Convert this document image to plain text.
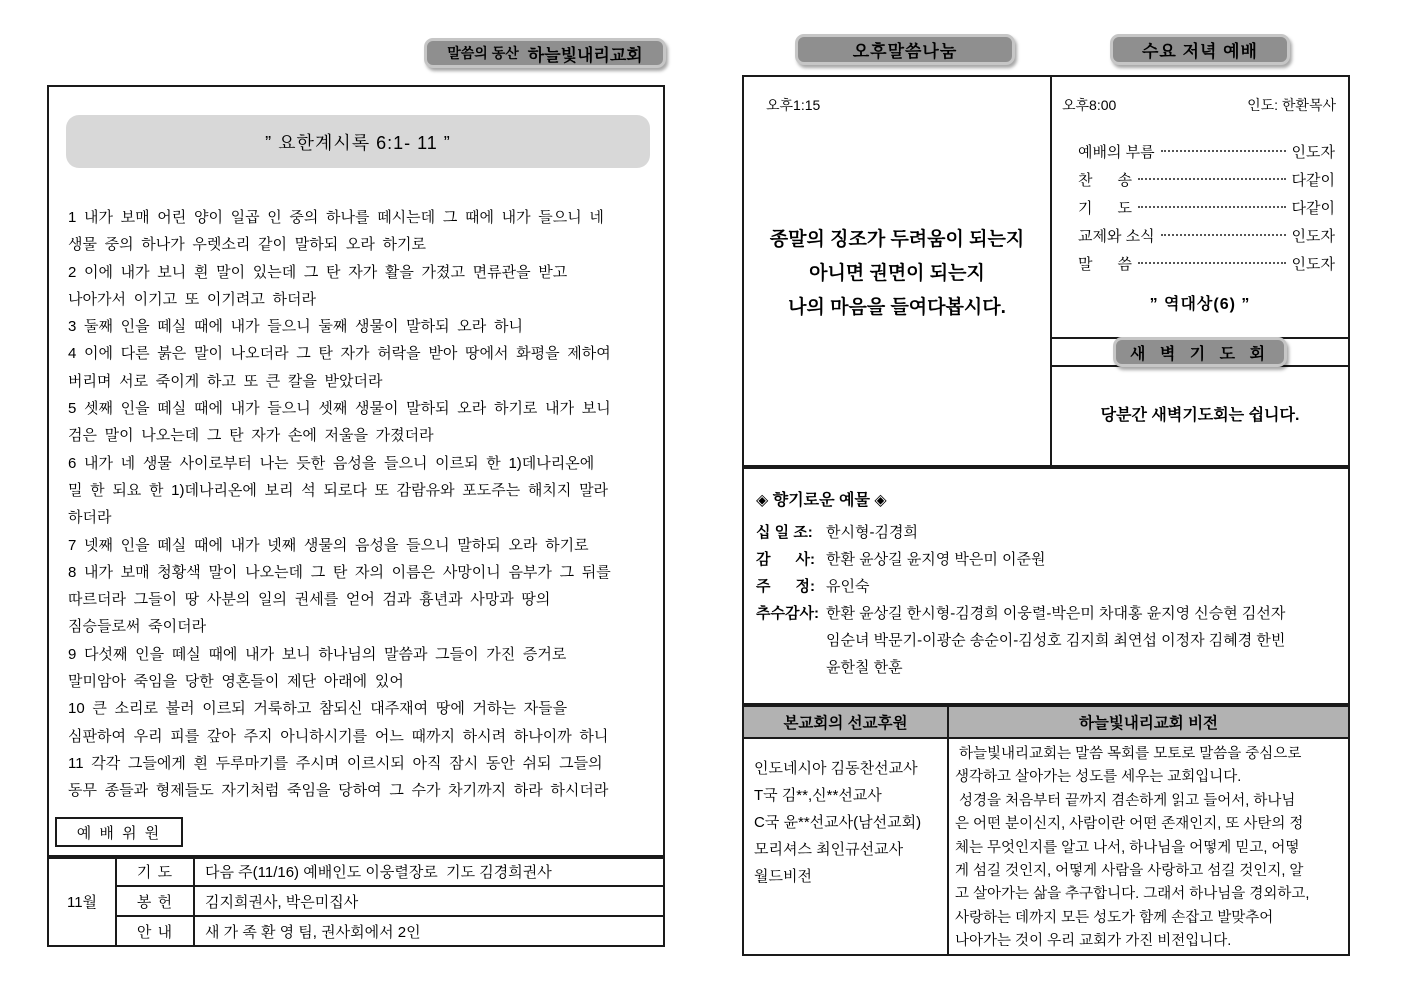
말씀의 동산 하늘빛내리교회
” 요한계시록 6:1- 11 ”
1 내가 보매 어린 양이 일곱 인 중의 하나를 떼시는데 그 때에 내가 들으니 네
생물 중의 하나가 우렛소리 같이 말하되 오라 하기로
2 이에 내가 보니 흰 말이 있는데 그 탄 자가 활을 가졌고 면류관을 받고
나아가서 이기고 또 이기려고 하더라
3 둘째 인을 떼실 때에 내가 들으니 둘째 생물이 말하되 오라 하니
4 이에 다른 붉은 말이 나오더라 그 탄 자가 허락을 받아 땅에서 화평을 제하여
버리며 서로 죽이게 하고 또 큰 칼을 받았더라
5 셋째 인을 떼실 때에 내가 들으니 셋째 생물이 말하되 오라 하기로 내가 보니
검은 말이 나오는데 그 탄 자가 손에 저울을 가졌더라
6 내가 네 생물 사이로부터 나는 듯한 음성을 들으니 이르되 한 1)데나리온에
밀 한 되요 한 1)데나리온에 보리 석 되로다 또 감람유와 포도주는 해치지 말라
하더라
7 넷째 인을 떼실 때에 내가 넷째 생물의 음성을 들으니 말하되 오라 하기로
8 내가 보매 청황색 말이 나오는데 그 탄 자의 이름은 사망이니 음부가 그 뒤를
따르더라 그들이 땅 사분의 일의 권세를 얻어 검과 흉년과 사망과 땅의
짐승들로써 죽이더라
9 다섯째 인을 떼실 때에 내가 보니 하나님의 말씀과 그들이 가진 증거로
말미암아 죽임을 당한 영혼들이 제단 아래에 있어
10 큰 소리로 불러 이르되 거룩하고 참되신 대주재여 땅에 거하는 자들을
심판하여 우리 피를 갚아 주지 아니하시기를 어느 때까지 하시려 하나이까 하니
11 각각 그들에게 흰 두루마기를 주시며 이르시되 아직 잠시 동안 쉬되 그들의
동무 종들과 형제들도 자기처럼 죽임을 당하여 그 수가 차기까지 하라 하시더라
예 배 위 원
11월	기 도	다음 주(11/16) 예배인도 이웅렬장로  기도 김경희권사
	봉 헌	김지희권사, 박은미집사
	안 내	새 가 족 환 영 팀, 권사회에서 2인
오후말씀나눔	수요 저녁 예배
오후1:15
종말의 징조가 두려움이 되는지
아니면 권면이 되는지
나의 마음을 들여다봅시다.
오후8:00	인도: 한환목사
예배의 부름	인도자
찬      송	다같이
기      도	다같이
교제와 소식	인도자
말      씀	인도자
” 역대상(6) ”
새 벽 기 도 회
당분간 새벽기도회는 쉽니다.
◈ 향기로운 예물 ◈
십 일 조: 한시형-김경희
감      사: 한환 윤상길 윤지영 박은미 이준원
주      정: 유인숙
추수감사: 한환 윤상길 한시형-김경희 이웅렬-박은미 차대홍 윤지영 신승현 김선자
임순녀 박문기-이광순 송순이-김성호 김지희 최연섭 이정자 김혜경 한빈
윤한칠 한훈
본교회의 선교후원	하늘빛내리교회 비전

인도네시아 김동찬선교사
T국 김**,신**선교사
C국 윤**선교사(남선교회)
모리셔스 최인규선교사
월드비전

하늘빛내리교회는 말씀 목회를 모토로 말씀을 중심으로
생각하고 살아가는 성도를 세우는 교회입니다.
성경을 처음부터 끝까지 겸손하게 읽고 들어서, 하나님
은 어떤 분이신지, 사람이란 어떤 존재인지, 또 사탄의 정
체는 무엇인지를 알고 나서, 하나님을 어떻게 믿고, 어떻
게 섬길 것인지, 어떻게 사람을 사랑하고 섬길 것인지, 알
고 살아가는 삶을 추구합니다. 그래서 하나님을 경외하고,
사랑하는 데까지 모든 성도가 함께 손잡고 발맞추어
나아가는 것이 우리 교회가 가진 비전입니다.
